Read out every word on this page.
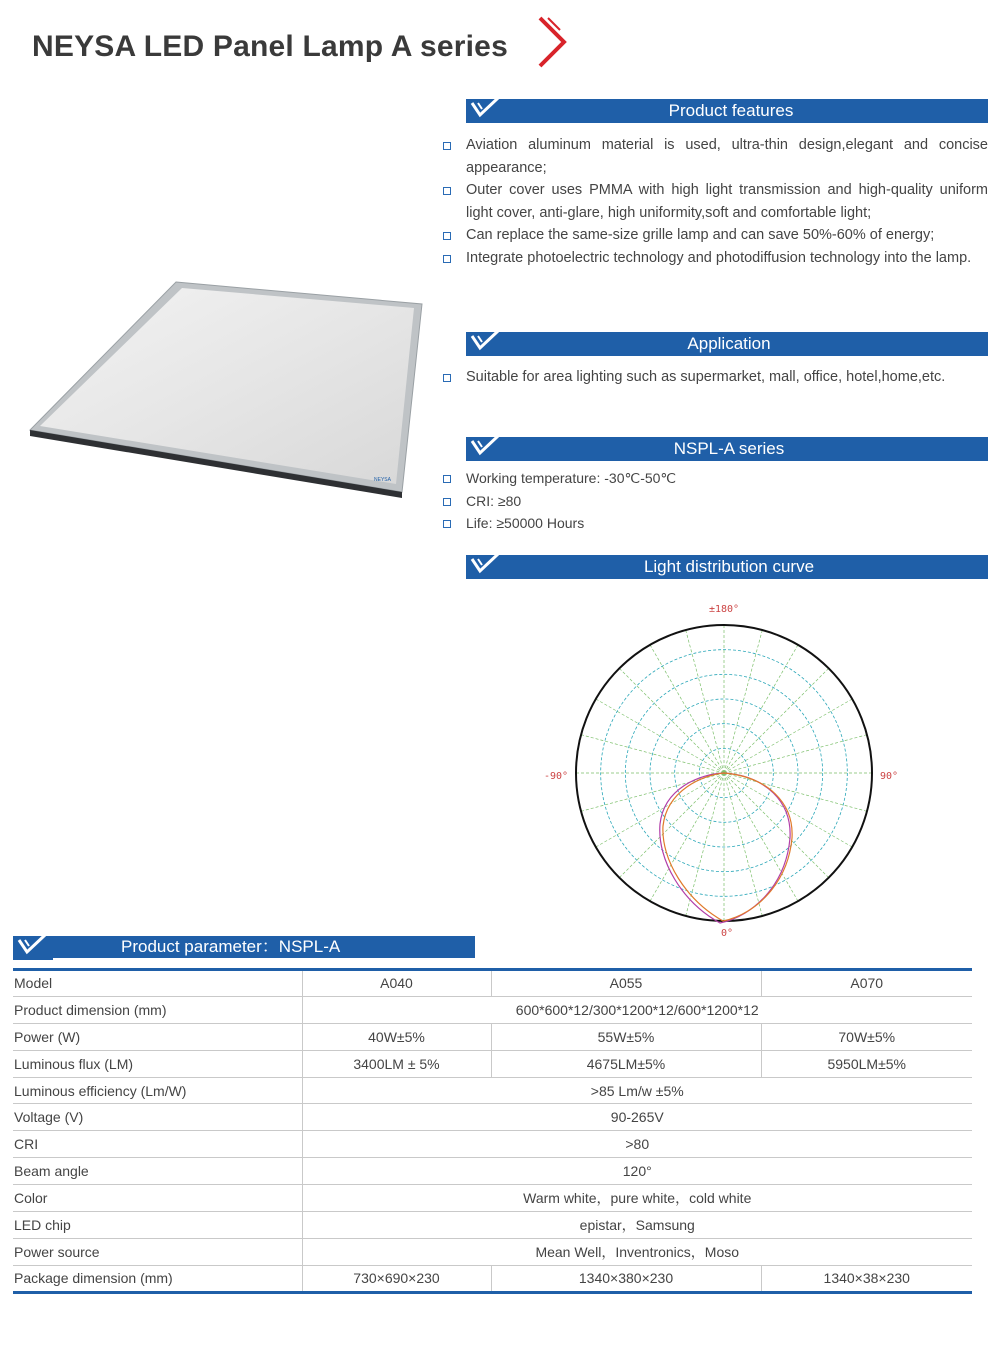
NEYSA LED Panel Lamp A series
Product features
Aviation aluminum material is used, ultra-thin design,elegant and concise appearance;
Outer cover uses PMMA with high light transmission and high-quality uniform light cover, anti-glare, high uniformity,soft and comfortable light;
Can replace the same-size grille lamp and can save 50%-60% of energy;
Integrate photoelectric technology and photodiffusion technology into the lamp.
NEYSA
Application
Suitable for area lighting such as supermarket, mall, office, hotel,home,etc.
NSPL-A series
Working temperature: -30℃-50℃
CRI: ≥80
Life: ≥50000 Hours
Light distribution curve
±180°
-90°	90°
0°
Product parameter：NSPL-A
Model	A040	A055	A070
Product dimension (mm)	600*600*12/300*1200*12/600*1200*12		
Power (W)	40W±5%	55W±5%	70W±5%
Luminous flux (LM)	3400LM ± 5%	4675LM±5%	5950LM±5%
Luminous efficiency (Lm/W)	>85 Lm/w ±5%		
Voltage (V)	90-265V		
CRI	>80		
Beam angle	120°		
Color	Warm white，pure white，cold white		
LED chip	epistar，Samsung		
Power source	Mean Well，Inventronics，Moso		
Package dimension (mm)	730×690×230	1340×380×230	1340×38×230
